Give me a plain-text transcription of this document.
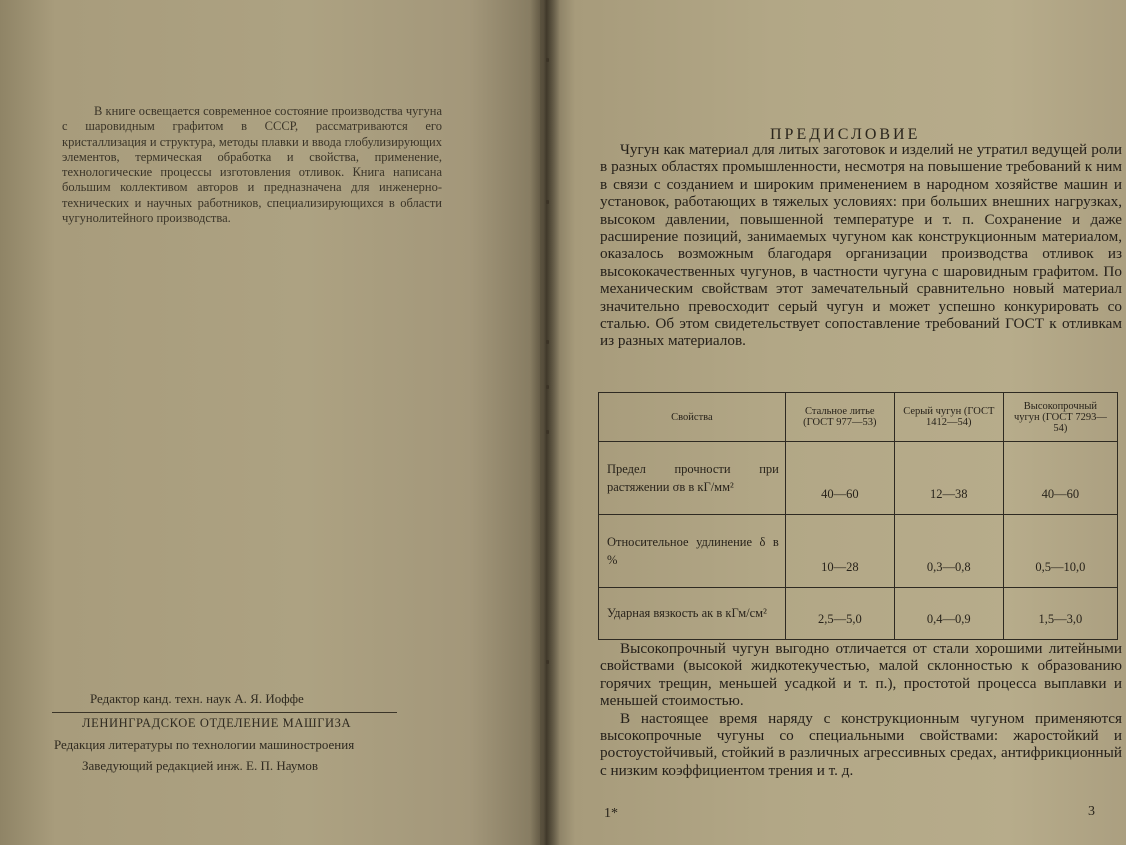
В книге освещается современное состояние производства чугуна с шаровидным графитом в СССР, рассматриваются его кристаллизация и структура, методы плавки и ввода глобулизирующих элементов, термическая обработка и свойства, применение, технологические процессы изготовления отливок. Книга написана большим коллективом авторов и предназначена для инженерно-технических и научных работников, специализирующихся в области чугунолитейного производства.

Редактор канд. техн. наук А. Я. Иоффе
ЛЕНИНГРАДСКОЕ ОТДЕЛЕНИЕ МАШГИЗА
Редакция литературы по технологии машиностроения
Заведующий редакцией инж. Е. П. Наумов
ПРЕДИСЛОВИЕ

Чугун как материал для литых заготовок и изделий не утратил ведущей роли в разных областях промышленности, несмотря на повышение требований к ним в связи с созданием и широким применением в народном хозяйстве машин и установок, работающих в тяжелых условиях: при больших внешних нагрузках, высоком давлении, повышенной температуре и т. п. Сохранение и даже расширение позиций, занимаемых чугуном как конструкционным материалом, оказалось возможным благодаря организации производства отливок из высококачественных чугунов, в частности чугуна с шаровидным графитом. По механическим свойствам этот замечательный сравнительно новый материал значительно превосходит серый чугун и может успешно конкурировать со сталью. Об этом свидетельствует сопоставление требований ГОСТ к отливкам из разных материалов.

Свойства	Стальное литье (ГОСТ 977—53)	Серый чугун (ГОСТ 1412—54)	Высокопрочный чугун (ГОСТ 7293—54)
Предел прочности при растяжении σв в кГ/мм²	40—60	12—38	40—60
Относительное удлинение δ в %	10—28	0,3—0,8	0,5—10,0
Ударная вязкость aк в кГм/см²	2,5—5,0	0,4—0,9	1,5—3,0

Высокопрочный чугун выгодно отличается от стали хорошими литейными свойствами (высокой жидкотекучестью, малой склонностью к образованию горячих трещин, меньшей усадкой и т. п.), простотой процесса выплавки и меньшей стоимостью.

В настоящее время наряду с конструкционным чугуном применяются высокопрочные чугуны со специальными свойствами: жаростойкий и ростоустойчивый, стойкий в различных агрессивных средах, антифрикционный с низким коэффициентом трения и т. д.

1*	3
